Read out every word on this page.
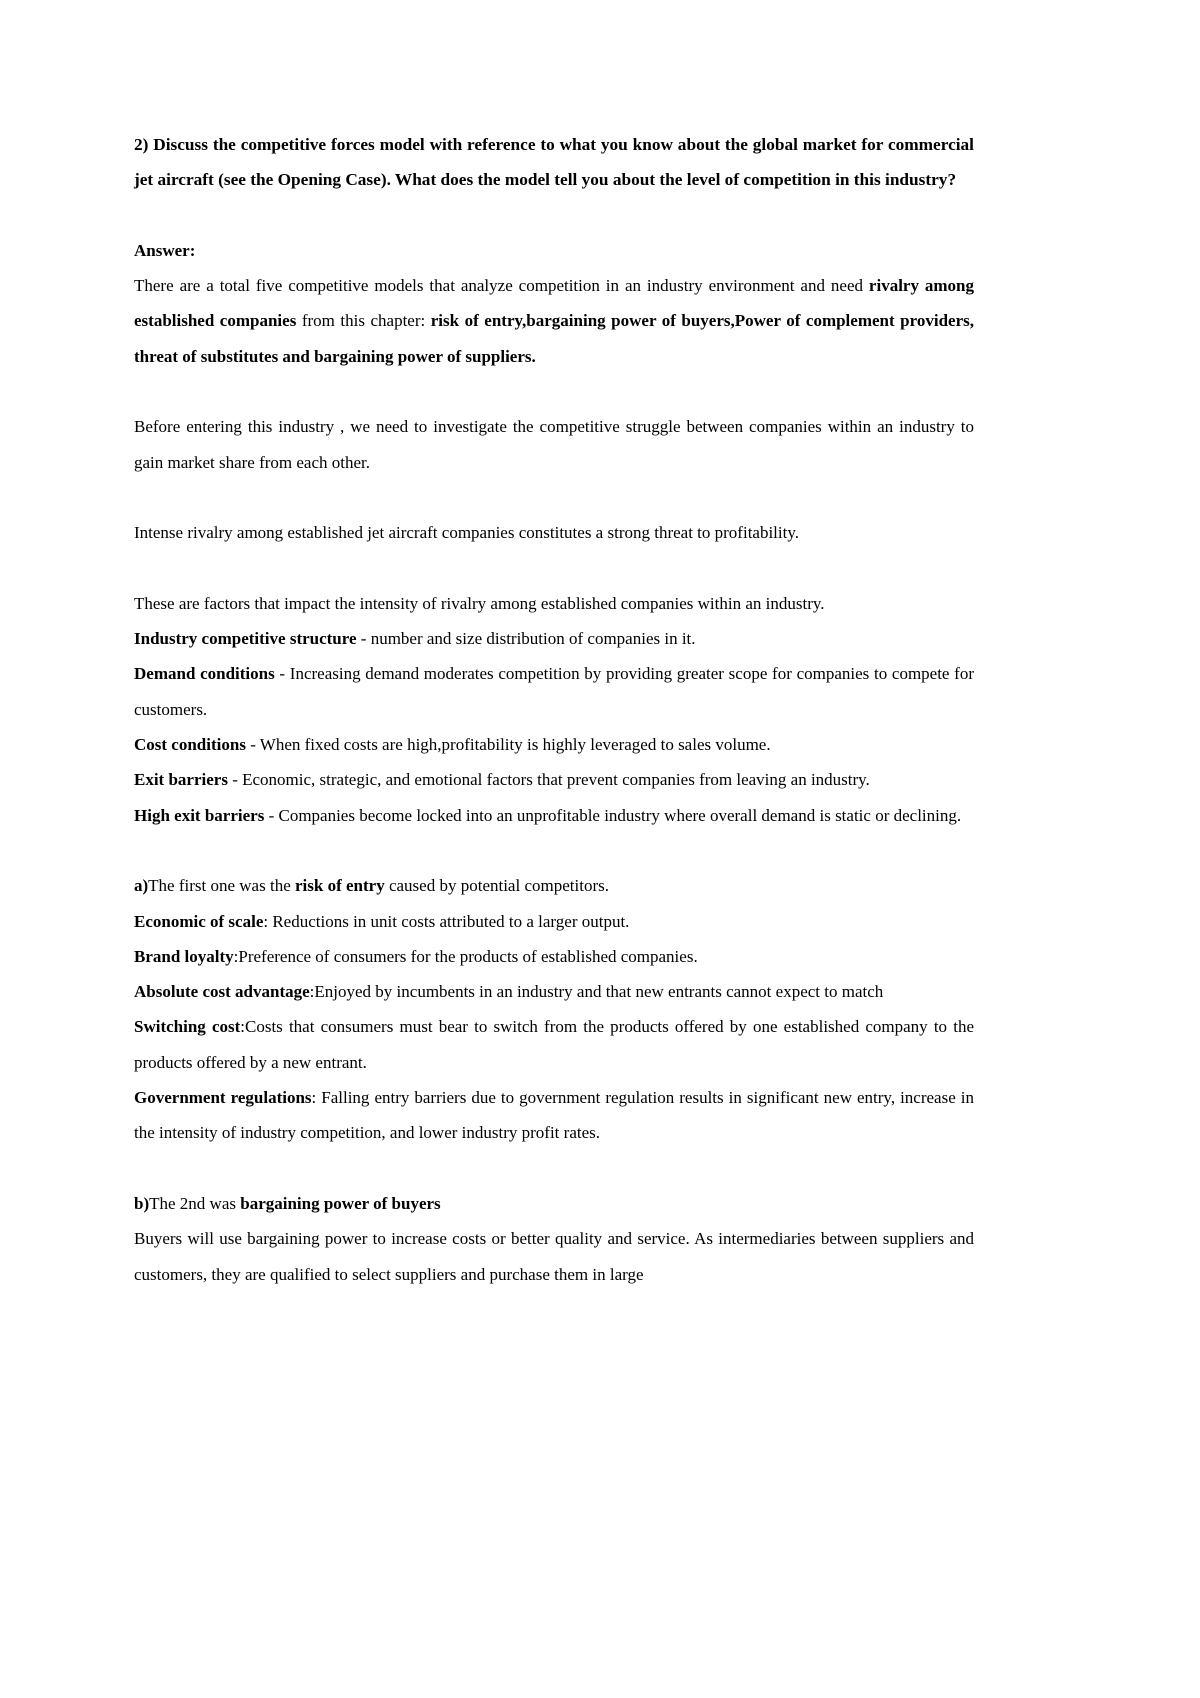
2) Discuss the competitive forces model with reference to what you know about the global market for commercial jet aircraft (see the Opening Case). What does the model tell you about the level of competition in this industry?

Answer:

There are a total five competitive models that analyze competition in an industry environment and need rivalry among established companies from this chapter: risk of entry,bargaining power of buyers,Power of complement providers, threat of substitutes and bargaining power of suppliers.

Before entering this industry , we need to investigate the competitive struggle between companies within an industry to gain market share from each other.

Intense rivalry among established jet aircraft companies constitutes a strong threat to profitability.

These are factors that impact the intensity of rivalry among established companies within an industry.

Industry competitive structure - number and size distribution of companies in it.

Demand conditions - Increasing demand moderates competition by providing greater scope for companies to compete for customers.

Cost conditions - When fixed costs are high,profitability is highly leveraged to sales volume.

Exit barriers - Economic, strategic, and emotional factors that prevent companies from leaving an industry.

High exit barriers - Companies become locked into an unprofitable industry where overall demand is static or declining.

a)The first one was the risk of entry caused by potential competitors.

Economic of scale: Reductions in unit costs attributed to a larger output.

Brand loyalty:Preference of consumers for the products of established companies.

Absolute cost advantage:Enjoyed by incumbents in an industry and that new entrants cannot expect to match

Switching cost:Costs that consumers must bear to switch from the products offered by one established company to the products offered by a new entrant.

Government regulations: Falling entry barriers due to government regulation results in significant new entry, increase in the intensity of industry competition, and lower industry profit rates.

b)The 2nd was bargaining power of buyers

Buyers will use bargaining power to increase costs or better quality and service. As intermediaries between suppliers and customers, they are qualified to select suppliers and purchase them in large
